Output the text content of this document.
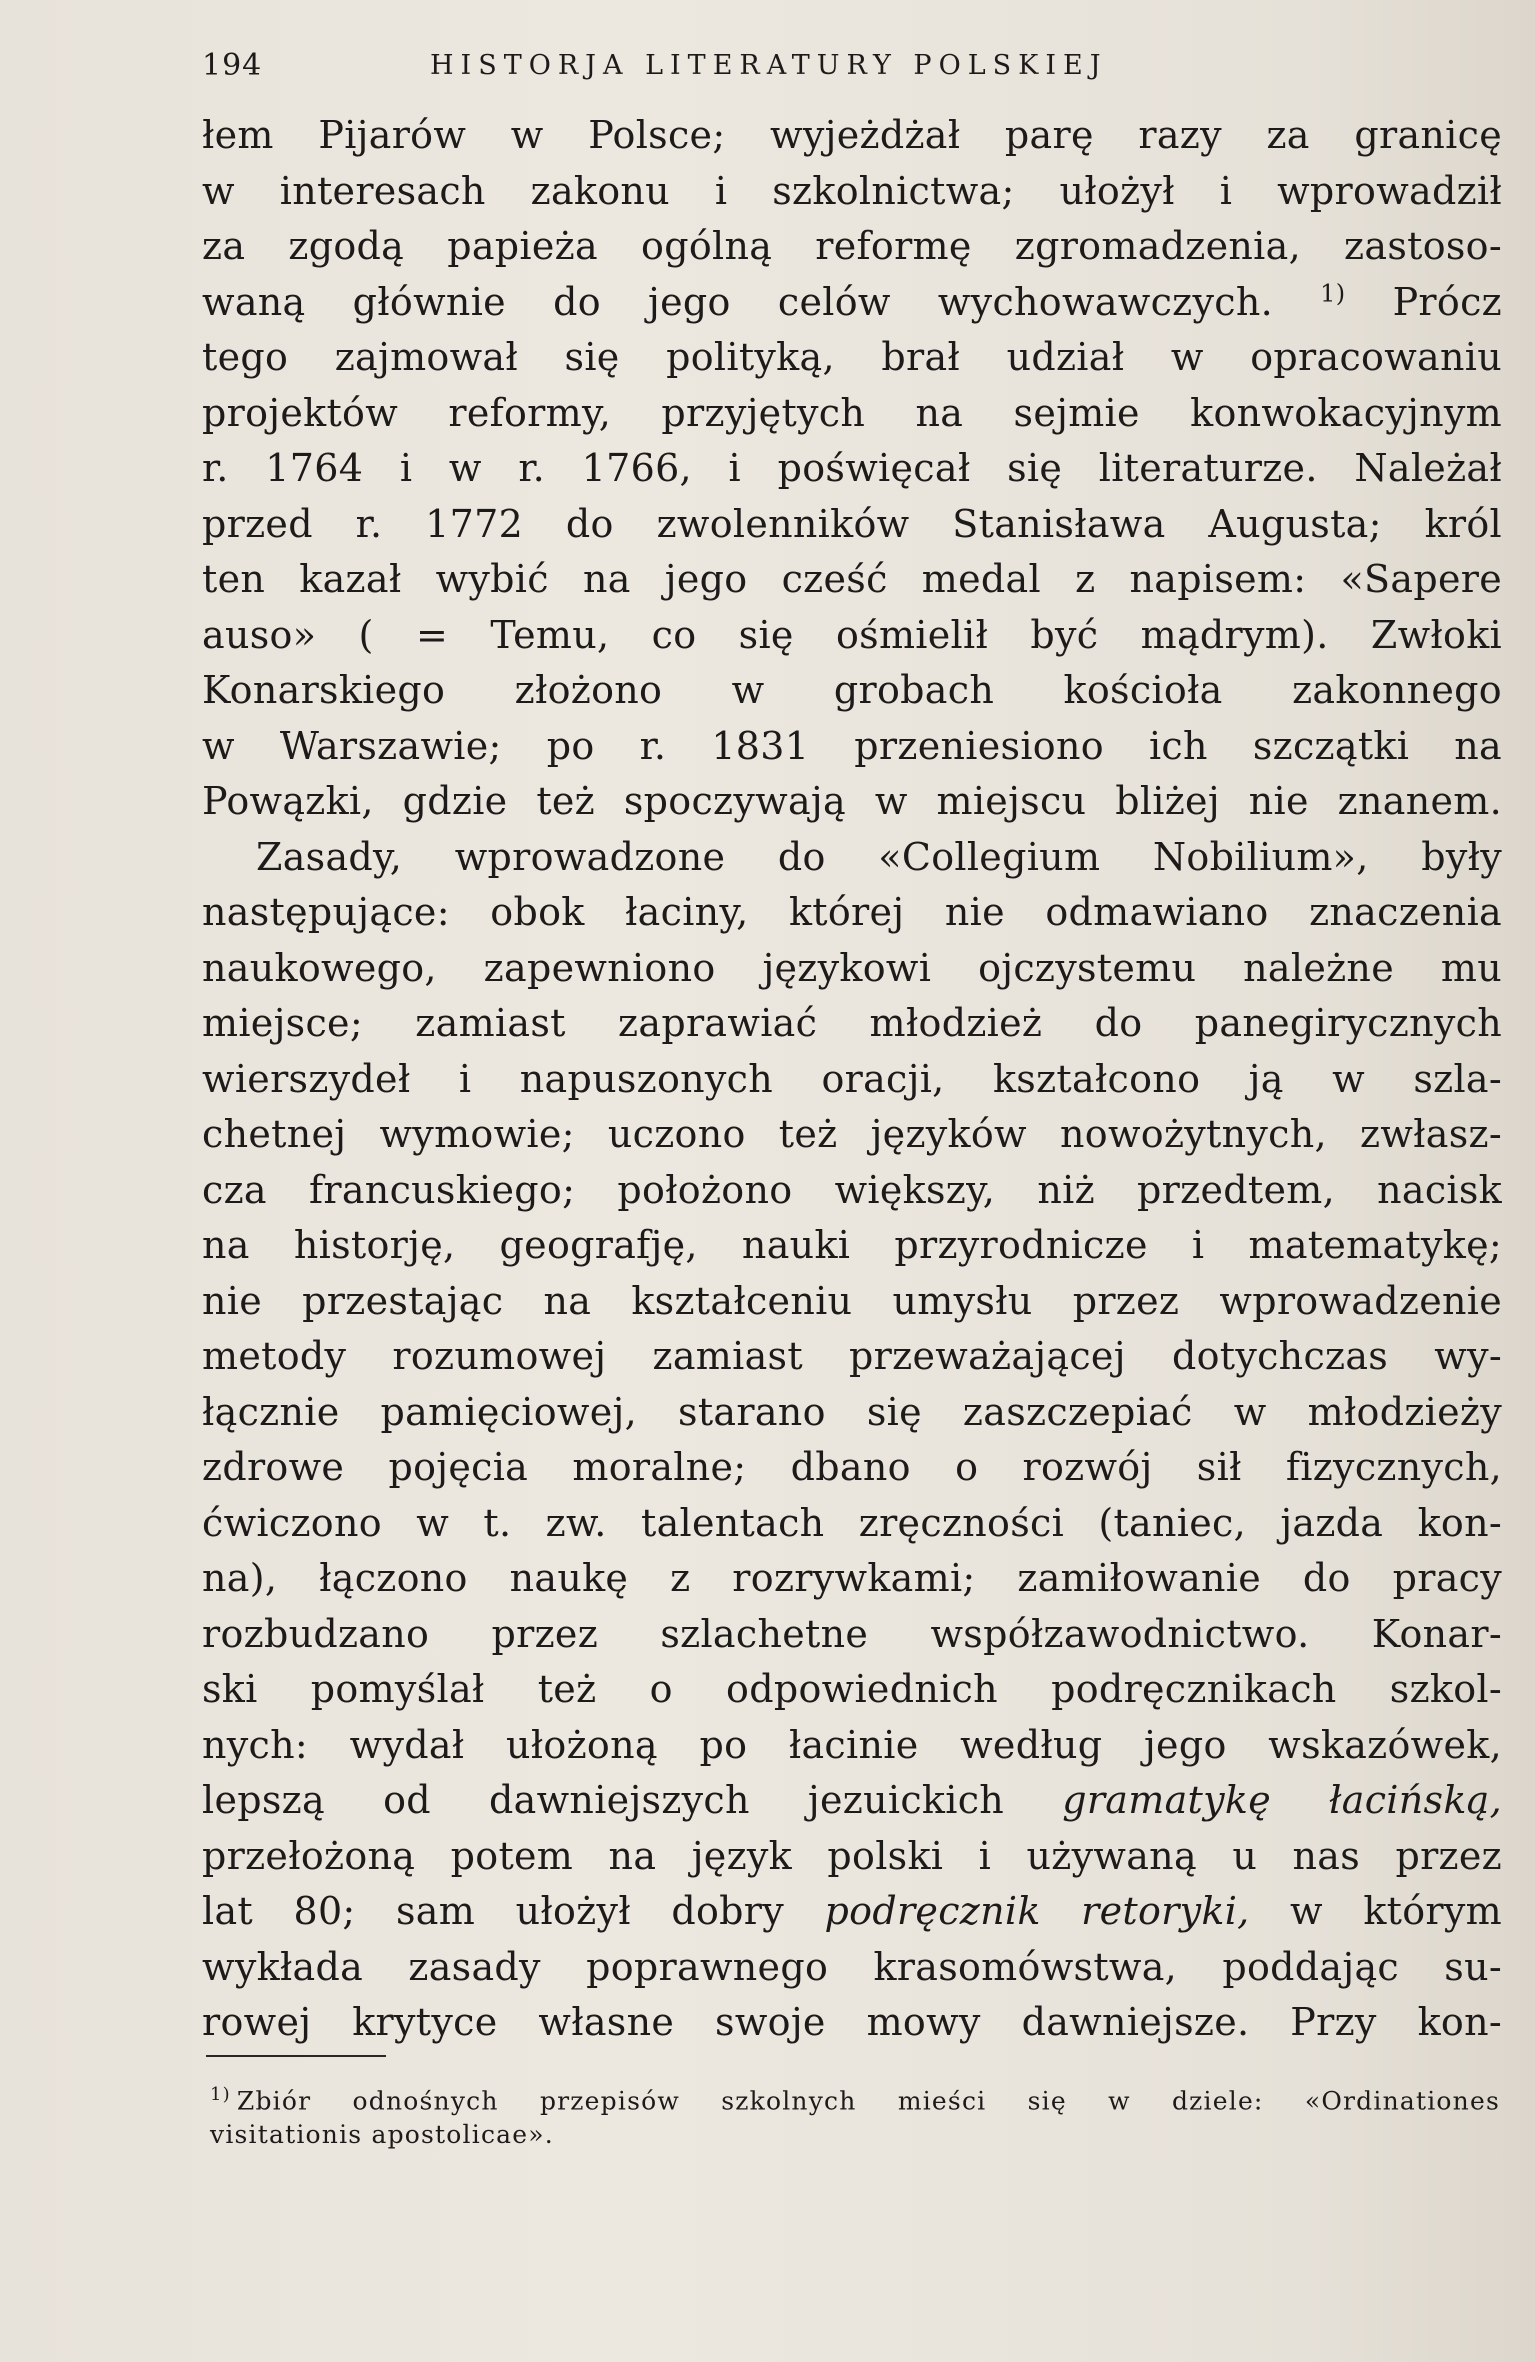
194	HISTORJA LITERATURY POLSKIEJ
łem Pijarów w Polsce; wyjeżdżał parę razy za granicę
w interesach zakonu i szkolnictwa; ułożył i wprowadził
za zgodą papieża ogólną reformę zgromadzenia, zastoso-
waną głównie do jego celów wychowawczych. $^{1)}$ Prócz
tego zajmował się polityką, brał udział w opracowaniu
projektów reformy, przyjętych na sejmie konwokacyjnym
r. 1764 i w r. 1766, i poświęcał się literaturze. Należał
przed r. 1772 do zwolenników Stanisława Augusta; król
ten kazał wybić na jego cześć medal z napisem: «Sapere
auso» ( = Temu, co się ośmielił być mądrym). Zwłoki
Konarskiego złożono w grobach kościoła zakonnego
w Warszawie; po r. 1831 przeniesiono ich szczątki na
Powązki, gdzie też spoczywają w miejscu bliżej nie znanem.
Zasady, wprowadzone do «Collegium Nobilium», były
następujące: obok łaciny, której nie odmawiano znaczenia
naukowego, zapewniono językowi ojczystemu należne mu
miejsce; zamiast zaprawiać młodzież do panegirycznych
wierszydeł i napuszonych oracji, kształcono ją w szla-
chetnej wymowie; uczono też języków nowożytnych, zwłasz-
cza francuskiego; położono większy, niż przedtem, nacisk
na historję, geografję, nauki przyrodnicze i matematykę;
nie przestając na kształceniu umysłu przez wprowadzenie
metody rozumowej zamiast przeważającej dotychczas wy-
łącznie pamięciowej, starano się zaszczepiać w młodzieży
zdrowe pojęcia moralne; dbano o rozwój sił fizycznych,
ćwiczono w t. zw. talentach zręczności (taniec, jazda kon-
na), łączono naukę z rozrywkami; zamiłowanie do pracy
rozbudzano przez szlachetne współzawodnictwo. Konar-
ski pomyślał też o odpowiednich podręcznikach szkol-
nych: wydał ułożoną po łacinie według jego wskazówek,
lepszą od dawniejszych jezuickich gramatykę łacińską,
przełożoną potem na język polski i używaną u nas przez
lat 80; sam ułożył dobry podręcznik retoryki, w którym
wykłada zasady poprawnego krasomówstwa, poddając su-
rowej krytyce własne swoje mowy dawniejsze. Przy kon-
$^{1)}$ Zbiór odnośnych przepisów szkolnych mieści się w dziele: «Ordinationes
visitationis apostolicae».
